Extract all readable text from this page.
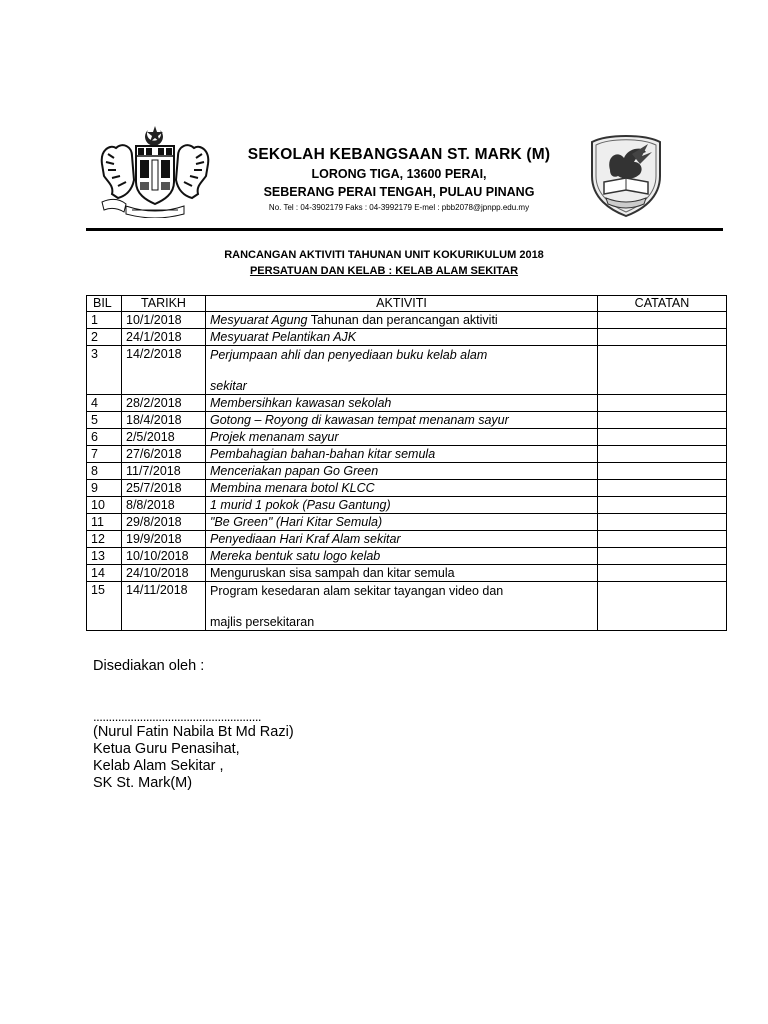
SEKOLAH KEBANGSAAN ST. MARK (M)
LORONG TIGA, 13600 PERAI,
SEBERANG PERAI TENGAH, PULAU PINANG
No. Tel : 04-3902179 Faks : 04-3992179 E-mel : pbb2078@jpnpp.edu.my
RANCANGAN AKTIVITI TAHUNAN UNIT KOKURIKULUM 2018
PERSATUAN DAN KELAB : KELAB ALAM SEKITAR
BIL	TARIKH	AKTIVITI	CATATAN
1	10/1/2018	Mesyuarat Agung Tahunan dan perancangan aktiviti	

2	24/1/2018	Mesyuarat Pelantikan AJK	

3	14/2/2018	Perjumpaan ahli dan penyediaan buku kelab alam
sekitar	

4	28/2/2018	Membersihkan kawasan sekolah	

5	18/4/2018	Gotong – Royong di kawasan tempat menanam sayur	

6	2/5/2018	Projek menanam sayur	

7	27/6/2018	Pembahagian bahan-bahan kitar semula	

8	11/7/2018	Menceriakan papan Go Green	

9	25/7/2018	Membina menara botol KLCC	

10	8/8/2018	1 murid 1 pokok (Pasu Gantung)	

11	29/8/2018	"Be Green" (Hari Kitar Semula)	

12	19/9/2018	Penyediaan Hari Kraf Alam sekitar	

13	10/10/2018	Mereka bentuk satu logo kelab	

14	24/10/2018	Menguruskan sisa sampah dan kitar semula	

15	14/11/2018	Program kesedaran alam sekitar tayangan video dan
majlis persekitaran	

Disediakan oleh :
......................................................
(Nurul Fatin Nabila Bt Md Razi)
Ketua Guru Penasihat,
Kelab Alam Sekitar ,
SK St. Mark(M)
